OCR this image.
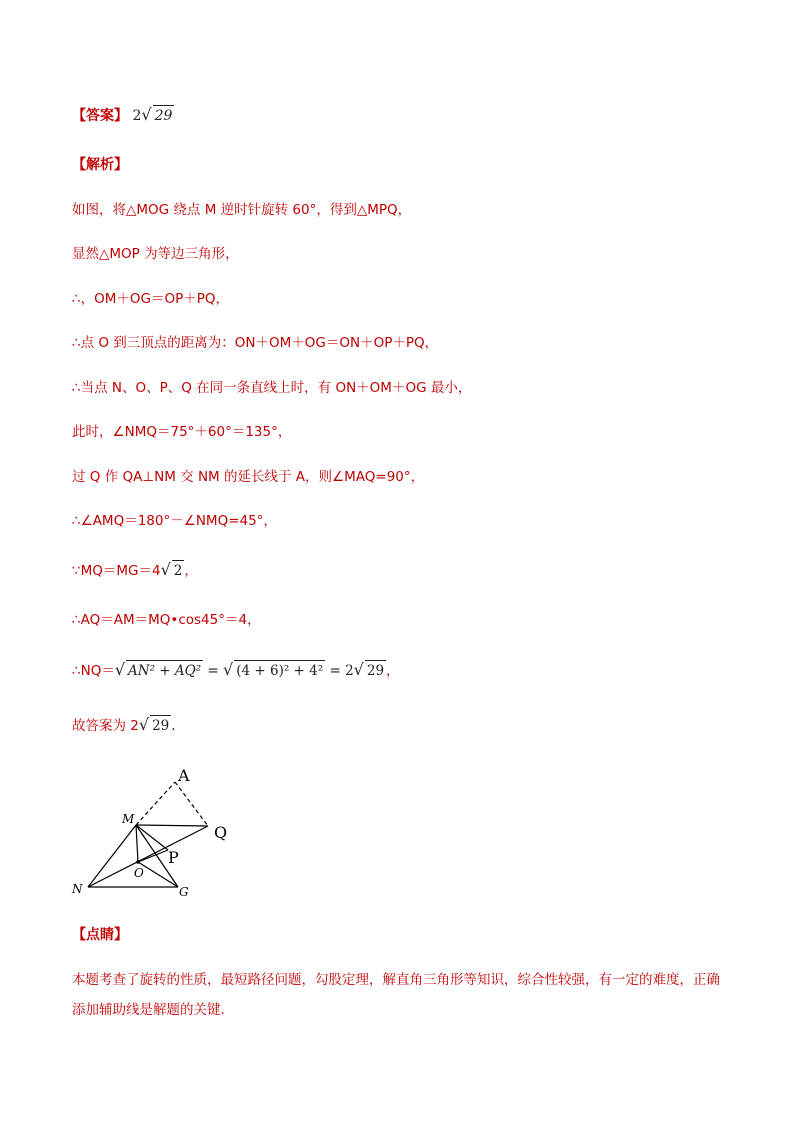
【答案】 2√ 29
【解析】
如图，将△MOG 绕点 M 逆时针旋转 60°，得到△MPQ，
显然△MOP 为等边三角形，
∴，OM＋OG＝OP＋PQ，
∴点 O 到三顶点的距离为：ON＋OM＋OG＝ON＋OP＋PQ，
∴当点 N、O、P、Q 在同一条直线上时，有 ON＋OM＋OG 最小，
此时，∠NMQ＝75°＋60°＝135°，
过 Q 作 QA⊥NM 交 NM 的延长线于 A，则∠MAQ=90°，
∴∠AMQ＝180°－∠NMQ=45°，
∵MQ＝MG＝4√ 2 ，
∴AQ＝AM＝MQ•cos45°＝4，
∴NQ＝√ AN² + AQ² = √ (4 + 6)² + 4² = 2√ 29 ，
故答案为 2√ 29 .
A
Q
M
P
O
N	G
【点睛】
本题考查了旋转的性质，最短路径问题，勾股定理，解直角三角形等知识，综合性较强，有一定的难度，正确添加辅助线是解题的关键.
